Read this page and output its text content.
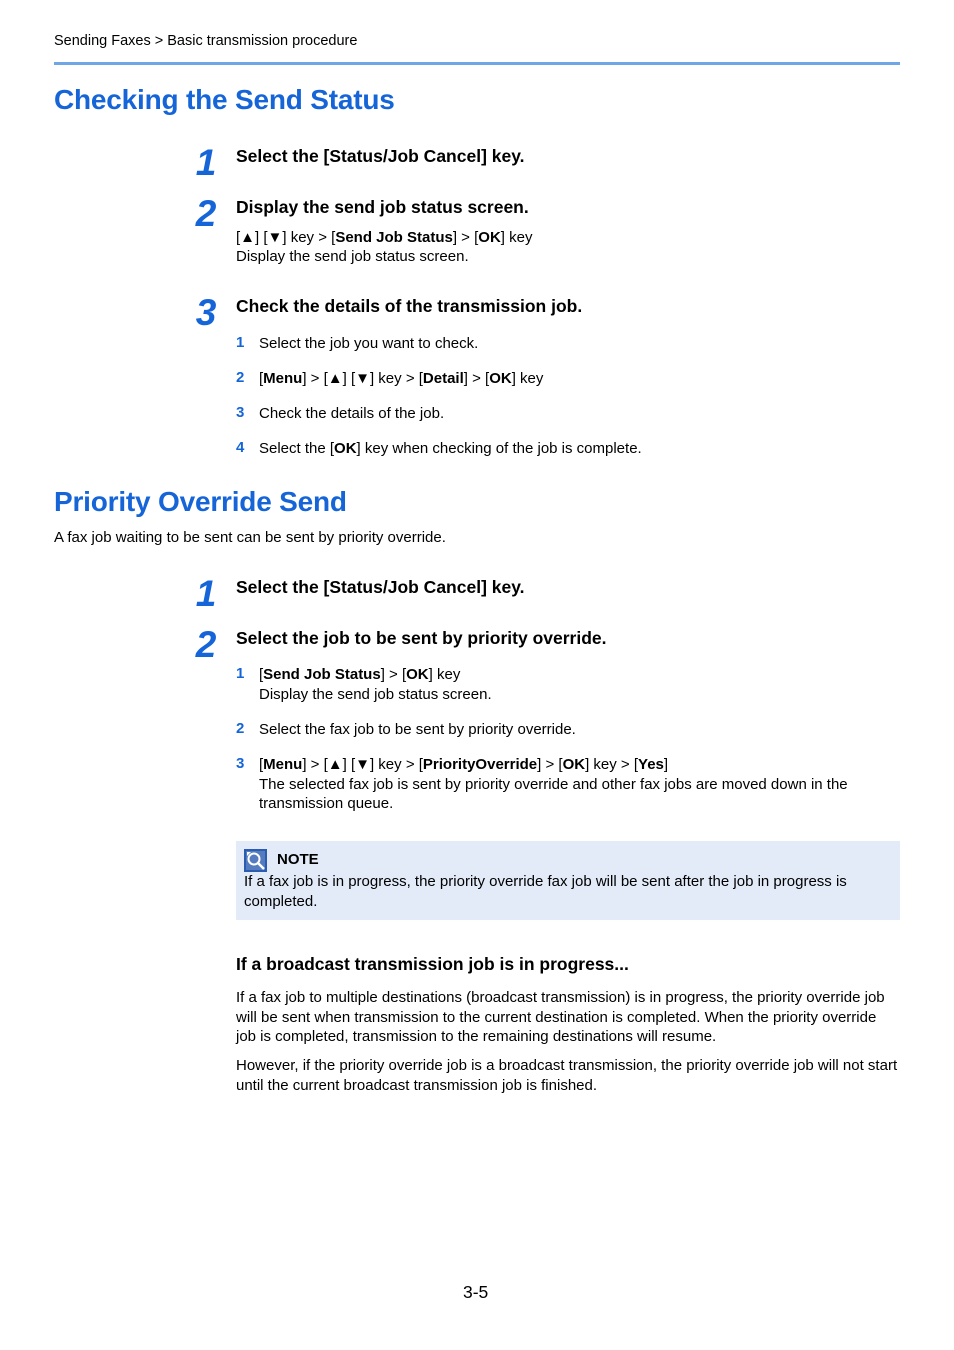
Sending Faxes > Basic transmission procedure
Checking the Send Status
1	Select the [Status/Job Cancel] key.
2	Display the send job status screen.
[▲] [▼] key > [Send Job Status] > [OK] key
Display the send job status screen.
3	Check the details of the transmission job.
1 Select the job you want to check.
2 [Menu] > [▲] [▼] key > [Detail] > [OK] key
3 Check the details of the job.
4 Select the [OK] key when checking of the job is complete.
Priority Override Send
A fax job waiting to be sent can be sent by priority override.
1	Select the [Status/Job Cancel] key.
2	Select the job to be sent by priority override.
1 [Send Job Status] > [OK] key
Display the send job status screen.
2 Select the fax job to be sent by priority override.
3 [Menu] > [▲] [▼] key > [PriorityOverride] > [OK] key > [Yes]
The selected fax job is sent by priority override and other fax jobs are moved down in the transmission queue.
NOTE
If a fax job is in progress, the priority override fax job will be sent after the job in progress is completed.
If a broadcast transmission job is in progress...
If a fax job to multiple destinations (broadcast transmission) is in progress, the priority override job will be sent when transmission to the current destination is completed. When the priority override job is completed, transmission to the remaining destinations will resume.
However, if the priority override job is a broadcast transmission, the priority override job will not start until the current broadcast transmission job is finished.
3-5
